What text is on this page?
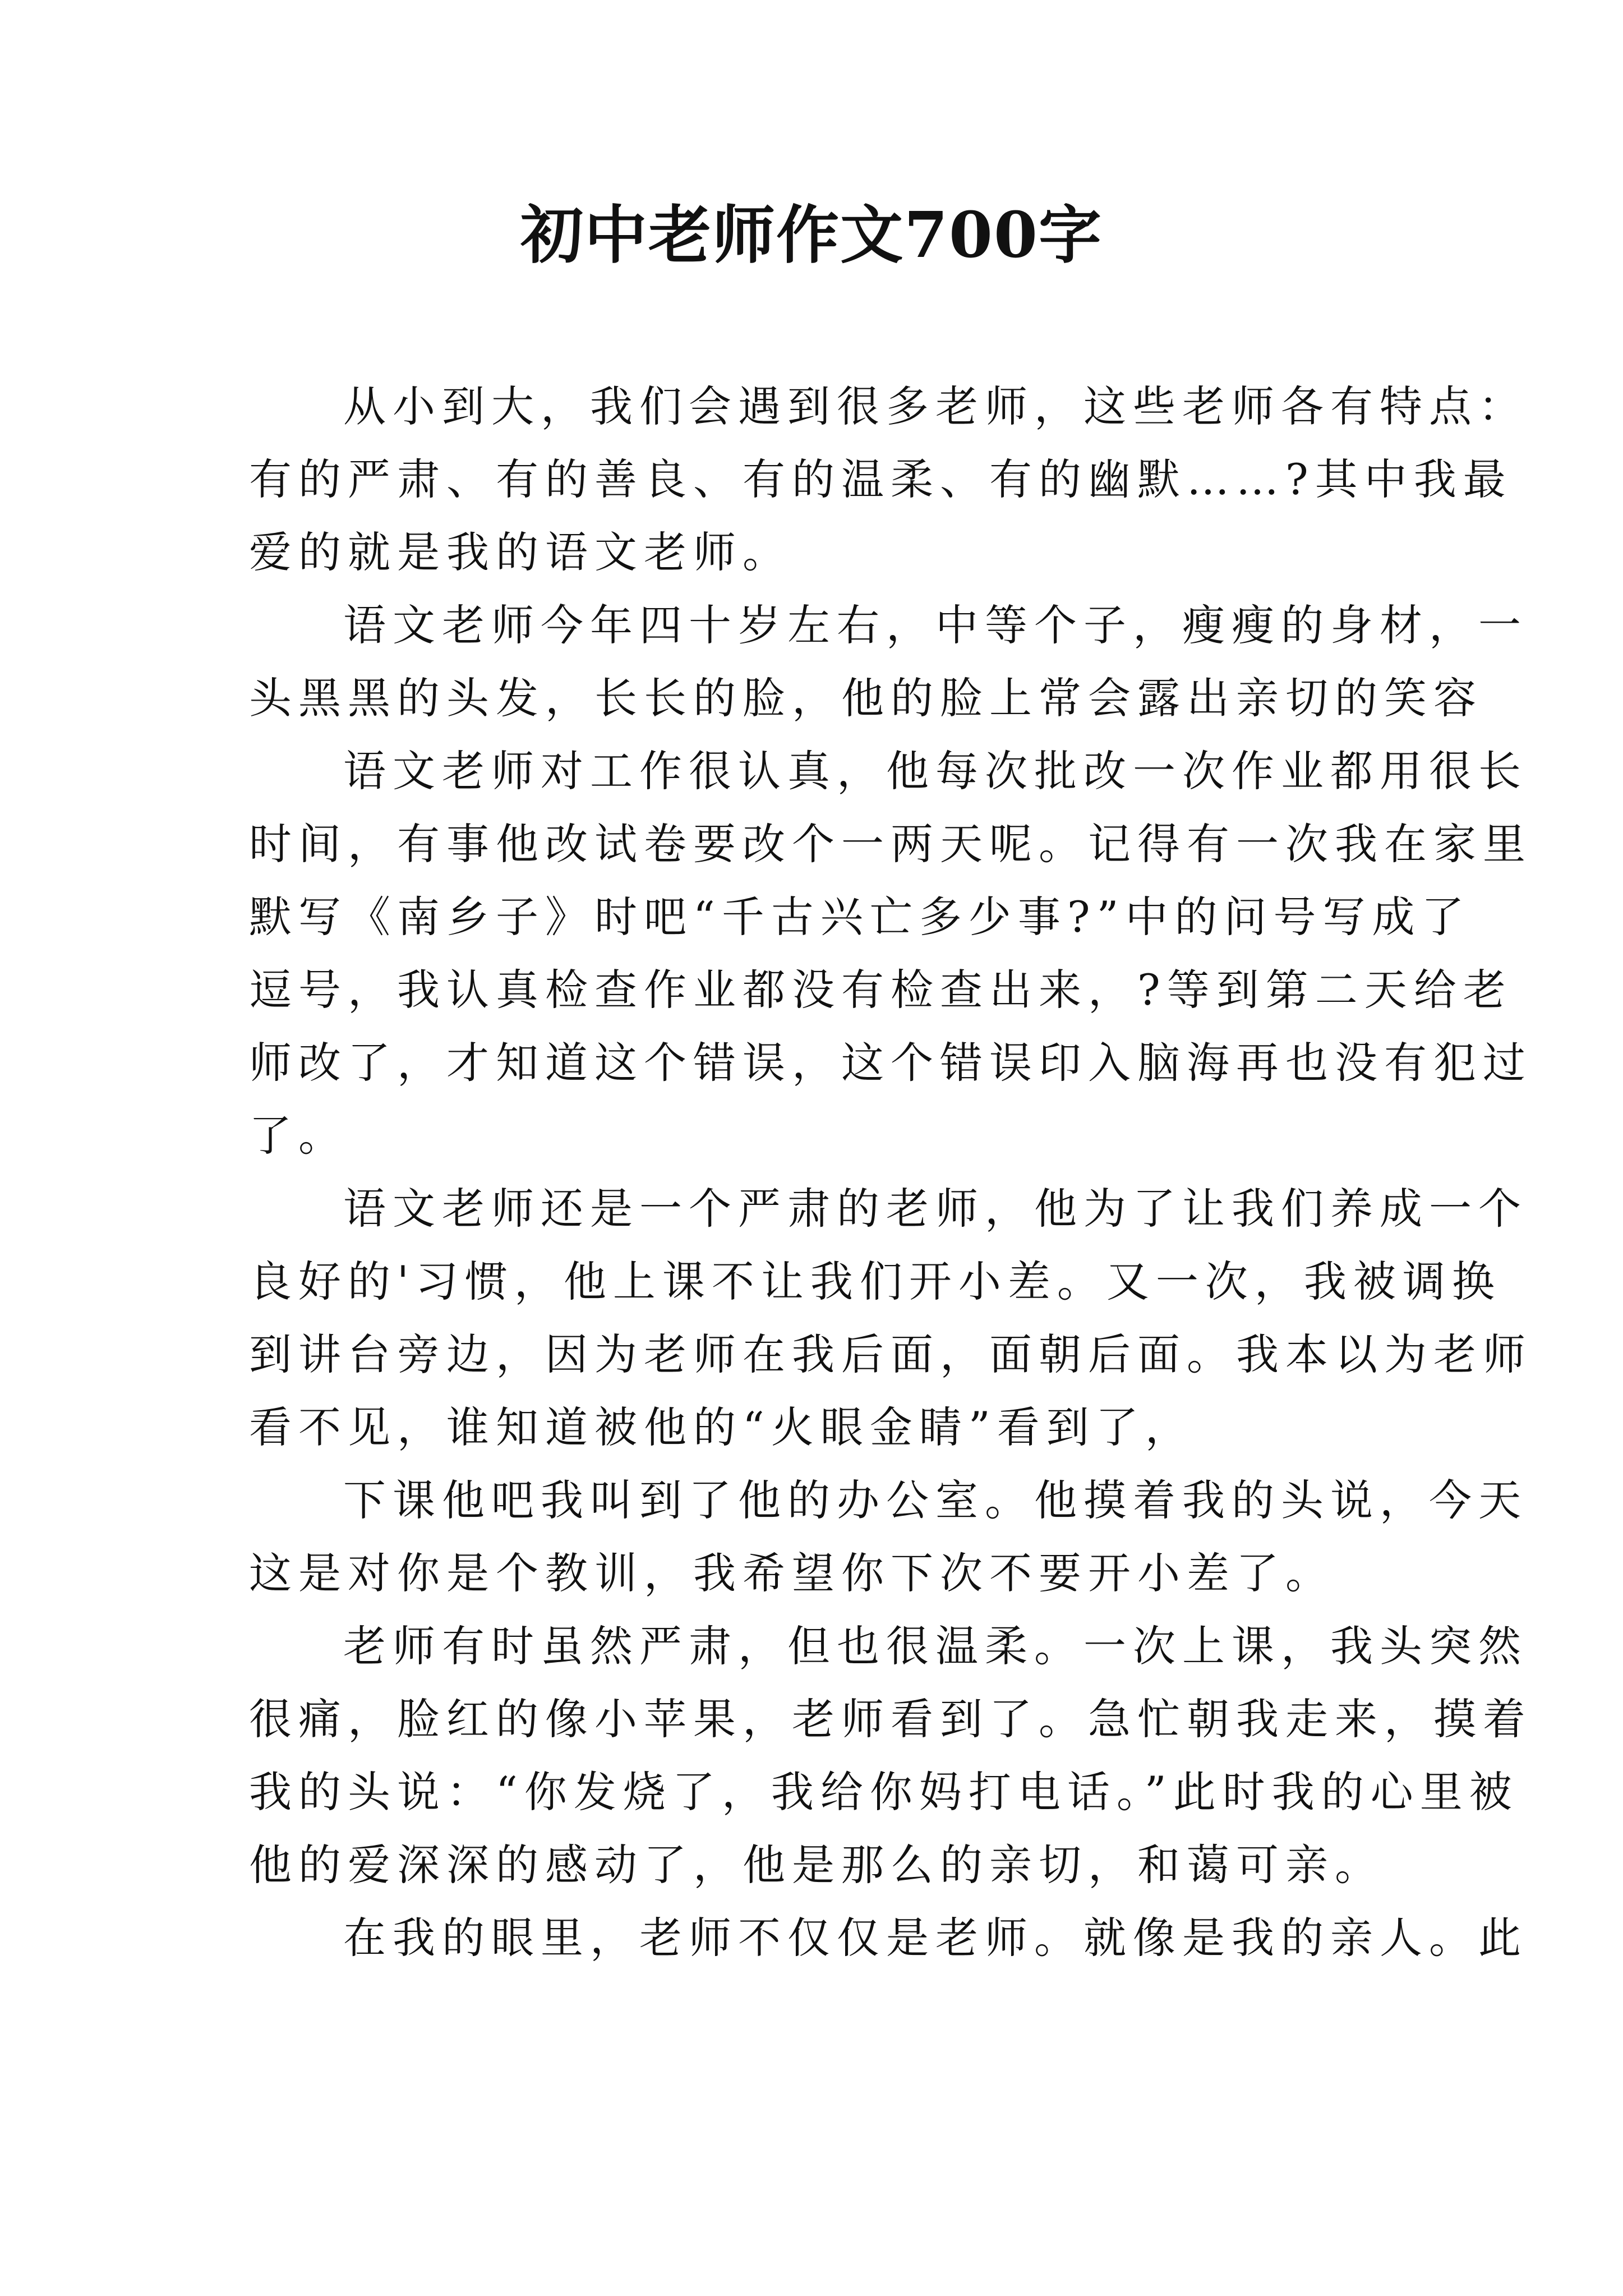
初中老师作文700字
从小到大，我们会遇到很多老师，这些老师各有特点：
有的严肃、有的善良、有的温柔、有的幽默……?其中我最
爱的就是我的语文老师。
语文老师今年四十岁左右，中等个子，瘦瘦的身材，一
头黑黑的头发，长长的脸，他的脸上常会露出亲切的笑容
语文老师对工作很认真，他每次批改一次作业都用很长
时间，有事他改试卷要改个一两天呢。记得有一次我在家里
默写《南乡子》时吧“千古兴亡多少事?”中的问号写成了
逗号，我认真检查作业都没有检查出来，?等到第二天给老
师改了，才知道这个错误，这个错误印入脑海再也没有犯过
了。
语文老师还是一个严肃的老师，他为了让我们养成一个
良好的'习惯，他上课不让我们开小差。又一次，我被调换
到讲台旁边，因为老师在我后面，面朝后面。我本以为老师
看不见，谁知道被他的“火眼金睛”看到了，
下课他吧我叫到了他的办公室。他摸着我的头说，今天
这是对你是个教训，我希望你下次不要开小差了。
老师有时虽然严肃，但也很温柔。一次上课，我头突然
很痛，脸红的像小苹果，老师看到了。急忙朝我走来，摸着
我的头说：“你发烧了，我给你妈打电话。”此时我的心里被
他的爱深深的感动了，他是那么的亲切，和蔼可亲。
在我的眼里，老师不仅仅是老师。就像是我的亲人。此
